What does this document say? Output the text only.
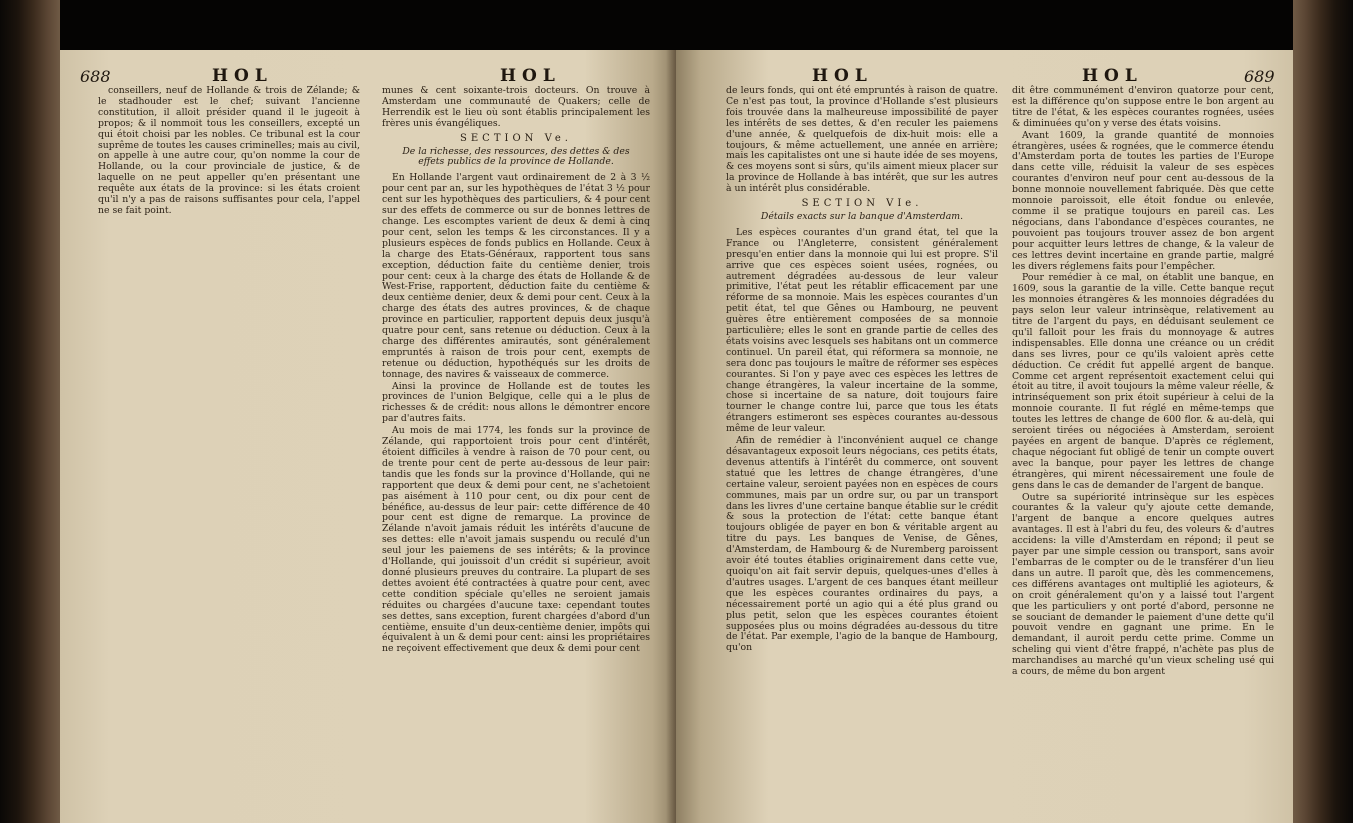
688	HOL	HOL

conseillers, neuf de Hollande & trois de Zélande; & le stadhouder est le chef; suivant l'ancienne constitution, il alloit présider quand il le jugeoit à propos; & il nommoit tous les conseillers, excepté un qui étoit choisi par les nobles. Ce tribunal est la cour suprême de toutes les causes criminelles; mais au civil, on appelle à une autre cour, qu'on nomme la cour de Hollande, ou la cour provinciale de justice, & de laquelle on ne peut appeller qu'en présentant une requête aux états de la province: si les états croient qu'il n'y a pas de raisons suffisantes pour cela, l'appel ne se fait point.

munes & cent soixante-trois docteurs. On trouve à Amsterdam une communauté de Quakers; celle de Herrendik est le lieu où sont établis principalement les frères unis évangéliques.

SECTION Ve.
De la richesse, des ressources, des dettes & des effets publics de la province de Hollande.

En Hollande l'argent vaut ordinairement de 2 à 3 ½ pour cent par an, sur les hypothèques de l'état 3 ½ pour cent sur les hypothèques des particuliers, & 4 pour cent sur des effets de commerce ou sur de bonnes lettres de change. Les escomptes varient de deux & demi à cinq pour cent, selon les temps & les circonstances. Il y a plusieurs espèces de fonds publics en Hollande. Ceux à la charge des Etats-Généraux, rapportent tous sans exception, déduction faite du centième denier, trois pour cent: ceux à la charge des états de Hollande & de West-Frise, rapportent, déduction faite du centième & deux centième denier, deux & demi pour cent. Ceux à la charge des états des autres provinces, & de chaque province en particulier, rapportent depuis deux jusqu'à quatre pour cent, sans retenue ou déduction. Ceux à la charge des différentes amirautés, sont généralement empruntés à raison de trois pour cent, exempts de retenue ou déduction, hypothéqués sur les droits de tonnage, des navires & vaisseaux de commerce.

Ainsi la province de Hollande est de toutes les provinces de l'union Belgique, celle qui a le plus de richesses & de crédit: nous allons le démontrer encore par d'autres faits.

Au mois de mai 1774, les fonds sur la province de Zélande, qui rapportoient trois pour cent d'intérêt, étoient difficiles à vendre à raison de 70 pour cent, ou de trente pour cent de perte au-dessous de leur pair: tandis que les fonds sur la province d'Hollande, qui ne rapportent que deux & demi pour cent, ne s'achetoient pas aisément à 110 pour cent, ou dix pour cent de bénéfice, au-dessus de leur pair: cette différence de 40 pour cent est digne de remarque. La province de Zélande n'avoit jamais réduit les intérêts d'aucune de ses dettes: elle n'avoit jamais suspendu ou reculé d'un seul jour les paiemens de ses intérêts; & la province d'Hollande, qui jouissoit d'un crédit si supérieur, avoit donné plusieurs preuves du contraire. La plupart de ses dettes avoient été contractées à quatre pour cent, avec cette condition spéciale qu'elles ne seroient jamais réduites ou chargées d'aucune taxe: cependant toutes ses dettes, sans exception, furent chargées d'abord d'un centième, ensuite d'un deux-centième denier, impôts qui équivalent à un & demi pour cent: ainsi les propriétaires ne reçoivent effectivement que deux & demi pour cent

HOL	HOL	689

de leurs fonds, qui ont été empruntés à raison de quatre. Ce n'est pas tout, la province d'Hollande s'est plusieurs fois trouvée dans la malheureuse impossibilité de payer les intérêts de ses dettes, & d'en reculer les paiemens d'une année, & quelquefois de dix-huit mois: elle a toujours, & même actuellement, une année en arrière; mais les capitalistes ont une si haute idée de ses moyens, & ces moyens sont si sûrs, qu'ils aiment mieux placer sur la province de Hollande à bas intérêt, que sur les autres à un intérêt plus considérable.

SECTION VIe.
Détails exacts sur la banque d'Amsterdam.

Les espèces courantes d'un grand état, tel que la France ou l'Angleterre, consistent généralement presqu'en entier dans la monnoie qui lui est propre. S'il arrive que ces espèces soient usées, rognées, ou autrement dégradées au-dessous de leur valeur primitive, l'état peut les rétablir efficacement par une réforme de sa monnoie. Mais les espèces courantes d'un petit état, tel que Gênes ou Hambourg, ne peuvent guères être entièrement composées de sa monnoie particulière; elles le sont en grande partie de celles des états voisins avec lesquels ses habitans ont un commerce continuel. Un pareil état, qui réformera sa monnoie, ne sera donc pas toujours le maître de réformer ses espèces courantes. Si l'on y paye avec ces espèces les lettres de change étrangères, la valeur incertaine de la somme, chose si incertaine de sa nature, doit toujours faire tourner le change contre lui, parce que tous les états étrangers estimeront ses espèces courantes au-dessous même de leur valeur.

Afin de remédier à l'inconvénient auquel ce change désavantageux exposoit leurs négocians, ces petits états, devenus attentifs à l'intérêt du commerce, ont souvent statué que les lettres de change étrangères, d'une certaine valeur, seroient payées non en espèces de cours communes, mais par un ordre sur, ou par un transport dans les livres d'une certaine banque établie sur le crédit & sous la protection de l'état: cette banque étant toujours obligée de payer en bon & véritable argent au titre du pays. Les banques de Venise, de Gênes, d'Amsterdam, de Hambourg & de Nuremberg paroissent avoir été toutes établies originairement dans cette vue, quoiqu'on ait fait servir depuis, quelques-unes d'elles à d'autres usages. L'argent de ces banques étant meilleur que les espèces courantes ordinaires du pays, a nécessairement porté un agio qui a été plus grand ou plus petit, selon que les espèces courantes étoient supposées plus ou moins dégradées au-dessous du titre de l'état. Par exemple, l'agio de la banque de Hambourg, qu'on

dit être communément d'environ quatorze pour cent, est la différence qu'on suppose entre le bon argent au titre de l'état, & les espèces courantes rognées, usées & diminuées qu'on y verse des états voisins.

Avant 1609, la grande quantité de monnoies étrangères, usées & rognées, que le commerce étendu d'Amsterdam porta de toutes les parties de l'Europe dans cette ville, réduisit la valeur de ses espèces courantes d'environ neuf pour cent au-dessous de la bonne monnoie nouvellement fabriquée. Dès que cette monnoie paroissoit, elle étoit fondue ou enlevée, comme il se pratique toujours en pareil cas. Les négocians, dans l'abondance d'espèces courantes, ne pouvoient pas toujours trouver assez de bon argent pour acquitter leurs lettres de change, & la valeur de ces lettres devint incertaine en grande partie, malgré les divers réglemens faits pour l'empêcher.

Pour remédier à ce mal, on établit une banque, en 1609, sous la garantie de la ville. Cette banque reçut les monnoies étrangères & les monnoies dégradées du pays selon leur valeur intrinsèque, relativement au titre de l'argent du pays, en déduisant seulement ce qu'il falloit pour les frais du monnoyage & autres indispensables. Elle donna une créance ou un crédit dans ses livres, pour ce qu'ils valoient après cette déduction. Ce crédit fut appellé argent de banque. Comme cet argent représentoit exactement celui qui étoit au titre, il avoit toujours la même valeur réelle, & intrinséquement son prix étoit supérieur à celui de la monnoie courante. Il fut réglé en même-temps que toutes les lettres de change de 600 flor. & au-delà, qui seroient tirées ou négociées à Amsterdam, seroient payées en argent de banque. D'après ce réglement, chaque négociant fut obligé de tenir un compte ouvert avec la banque, pour payer les lettres de change étrangères, qui mirent nécessairement une foule de gens dans le cas de demander de l'argent de banque.

Outre sa supériorité intrinsèque sur les espèces courantes & la valeur qu'y ajoute cette demande, l'argent de banque a encore quelques autres avantages. Il est à l'abri du feu, des voleurs & d'autres accidens: la ville d'Amsterdam en répond; il peut se payer par une simple cession ou transport, sans avoir l'embarras de le compter ou de le transférer d'un lieu dans un autre. Il paroît que, dès les commencemens, ces différens avantages ont multiplié les agioteurs, & on croit généralement qu'on y a laissé tout l'argent que les particuliers y ont porté d'abord, personne ne se souciant de demander le paiement d'une dette qu'il pouvoit vendre en gagnant une prime. En le demandant, il auroit perdu cette prime. Comme un scheling qui vient d'être frappé, n'achète pas plus de marchandises au marché qu'un vieux scheling usé qui a cours, de même du bon argent
